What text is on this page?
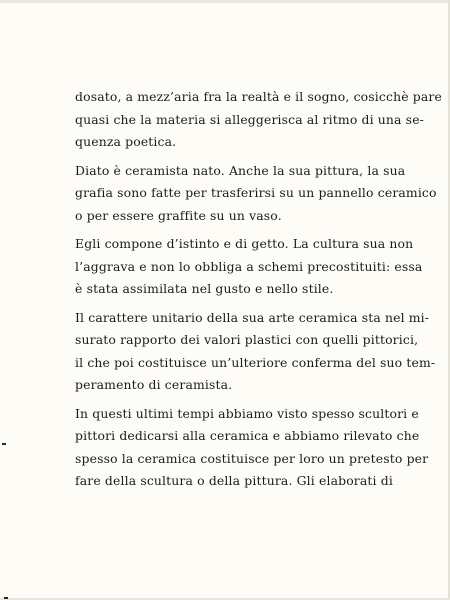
dosato, a mezz’aria fra la realtà e il sogno, cosicchè pare
quasi che la materia si alleggerisca al ritmo di una se-
quenza poetica.
Diato è ceramista nato. Anche la sua pittura, la sua
grafia sono fatte per trasferirsi su un pannello ceramico
o per essere graffite su un vaso.
Egli compone d’istinto e di getto. La cultura sua non
l’aggrava e non lo obbliga a schemi precostituiti: essa
è stata assimilata nel gusto e nello stile.
Il carattere unitario della sua arte ceramica sta nel mi-
surato rapporto dei valori plastici con quelli pittorici,
il che poi costituisce un’ulteriore conferma del suo tem-
peramento di ceramista.
In questi ultimi tempi abbiamo visto spesso scultori e
pittori dedicarsi alla ceramica e abbiamo rilevato che
spesso la ceramica costituisce per loro un pretesto per
fare della scultura o della pittura. Gli elaborati di
